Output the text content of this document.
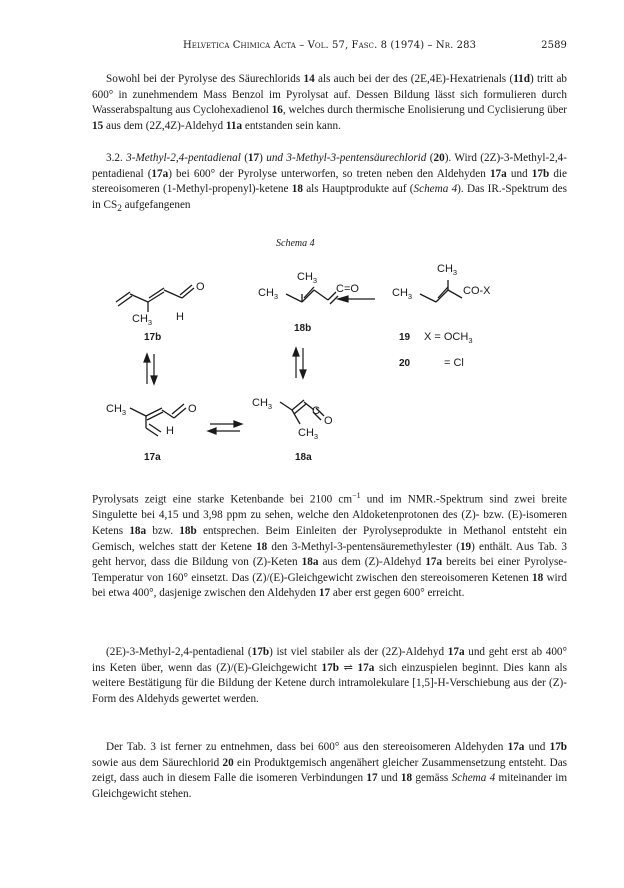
Helvetica Chimica Acta – Vol. 57, Fasc. 8 (1974) – Nr. 283	2589

Sowohl bei der Pyrolyse des Säurechlorids 14 als auch bei der des (2E,4E)-Hexatrienals (11d) tritt ab 600° in zunehmendem Mass Benzol im Pyrolysat auf. Dessen Bildung lässt sich formulieren durch Wasserabspaltung aus Cyclohexadienol 16, welches durch thermische Enolisierung und Cyclisierung über 15 aus dem (2Z,4Z)-Aldehyd 11a entstanden sein kann.

3.2. 3-Methyl-2,4-pentadienal (17) und 3-Methyl-3-pentensäurechlorid (20). Wird (2Z)-3-Methyl-2,4-pentadienal (17a) bei 600° der Pyrolyse unterworfen, so treten neben den Aldehyden 17a und 17b die stereoisomeren (1-Methyl-propenyl)-ketene 18 als Hauptprodukte auf (Schema 4). Das IR.-Spektrum des in $CS_2$ aufgefangenen

Schema 4
O
H
$CH_3$
17b
$CH_3$
$CH_3$
C=O
18b
$CH_3$
$CH_3$
CO-X
19 $X = OCH_3$
20	= Cl
$CH_3$	O
H
17a
$CH_3$	C
O
$CH_3$
18a

Pyrolysats zeigt eine starke Ketenbande bei 2100 $cm^{-1}$ und im NMR.-Spektrum sind zwei breite Singulette bei 4,15 und 3,98 ppm zu sehen, welche den Aldoketenprotonen des (Z)- bzw. (E)-isomeren Ketens 18a bzw. 18b entsprechen. Beim Einleiten der Pyrolyseprodukte in Methanol entsteht ein Gemisch, welches statt der Ketene 18 den 3-Methyl-3-pentensäuremethylester (19) enthält. Aus Tab. 3 geht hervor, dass die Bildung von (Z)-Keten 18a aus dem (Z)-Aldehyd 17a bereits bei einer Pyrolyse-Temperatur von 160° einsetzt. Das (Z)/(E)-Gleichgewicht zwischen den stereoisomeren Ketenen 18 wird bei etwa 400°, dasjenige zwischen den Aldehyden 17 aber erst gegen 600° erreicht.

(2E)-3-Methyl-2,4-pentadienal (17b) ist viel stabiler als der (2Z)-Aldehyd 17a und geht erst ab 400° ins Keten über, wenn das (Z)/(E)-Gleichgewicht 17b ⇌ 17a sich einzuspielen beginnt. Dies kann als weitere Bestätigung für die Bildung der Ketene durch intramolekulare [1,5]-H-Verschiebung aus der (Z)-Form des Aldehyds gewertet werden.

Der Tab. 3 ist ferner zu entnehmen, dass bei 600° aus den stereoisomeren Aldehyden 17a und 17b sowie aus dem Säurechlorid 20 ein Produktgemisch angenähert gleicher Zusammensetzung entsteht. Das zeigt, dass auch in diesem Falle die isomeren Verbindungen 17 und 18 gemäss Schema 4 miteinander im Gleichgewicht stehen.
